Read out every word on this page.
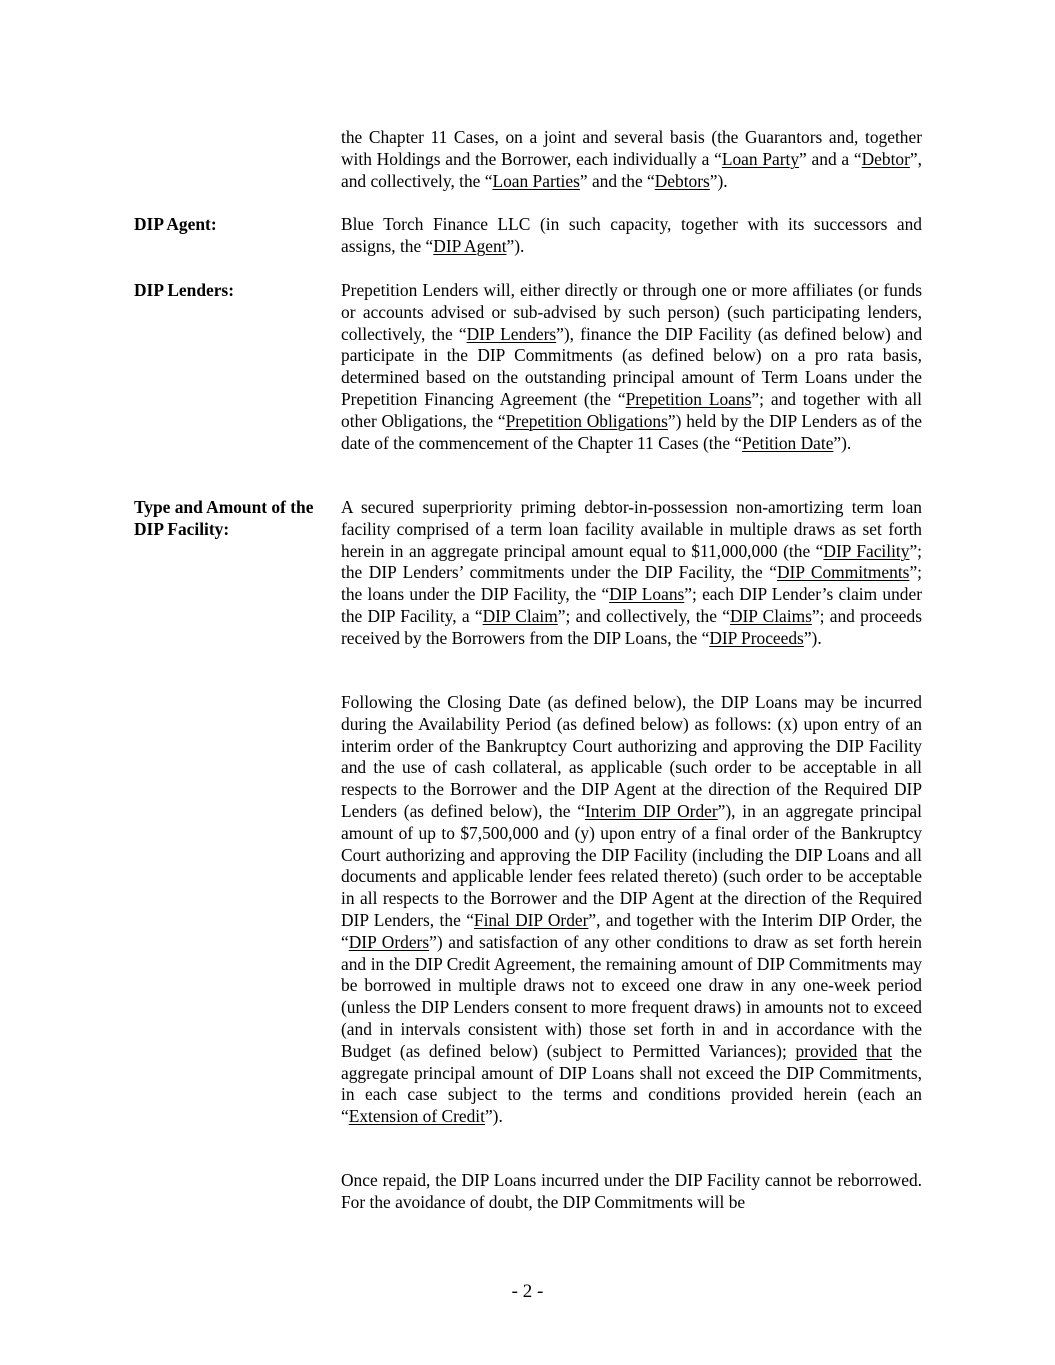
the Chapter 11 Cases, on a joint and several basis (the Guarantors and, together with Holdings and the Borrower, each individually a “Loan Party” and a “Debtor”, and collectively, the “Loan Parties” and the “Debtors”).
DIP Agent:	Blue Torch Finance LLC (in such capacity, together with its successors and assigns, the “DIP Agent”).
DIP Lenders:	Prepetition Lenders will, either directly or through one or more affiliates (or funds or accounts advised or sub-advised by such person) (such participating lenders, collectively, the “DIP Lenders”), finance the DIP Facility (as defined below) and participate in the DIP Commitments (as defined below) on a pro rata basis, determined based on the outstanding principal amount of Term Loans under the Prepetition Financing Agreement (the “Prepetition Loans”; and together with all other Obligations, the “Prepetition Obligations”) held by the DIP Lenders as of the date of the commencement of the Chapter 11 Cases (the “Petition Date”).
Type and Amount of the DIP Facility:
A secured superpriority priming debtor-in-possession non-amortizing term loan facility comprised of a term loan facility available in multiple draws as set forth herein in an aggregate principal amount equal to $11,000,000 (the “DIP Facility”; the DIP Lenders’ commitments under the DIP Facility, the “DIP Commitments”; the loans under the DIP Facility, the “DIP Loans”; each DIP Lender’s claim under the DIP Facility, a “DIP Claim”; and collectively, the “DIP Claims”; and proceeds received by the Borrowers from the DIP Loans, the “DIP Proceeds”).
Following the Closing Date (as defined below), the DIP Loans may be incurred during the Availability Period (as defined below) as follows: (x) upon entry of an interim order of the Bankruptcy Court authorizing and approving the DIP Facility and the use of cash collateral, as applicable (such order to be acceptable in all respects to the Borrower and the DIP Agent at the direction of the Required DIP Lenders (as defined below), the “Interim DIP Order”), in an aggregate principal amount of up to $7,500,000 and (y) upon entry of a final order of the Bankruptcy Court authorizing and approving the DIP Facility (including the DIP Loans and all documents and applicable lender fees related thereto) (such order to be acceptable in all respects to the Borrower and the DIP Agent at the direction of the Required DIP Lenders, the “Final DIP Order”, and together with the Interim DIP Order, the “DIP Orders”) and satisfaction of any other conditions to draw as set forth herein and in the DIP Credit Agreement, the remaining amount of DIP Commitments may be borrowed in multiple draws not to exceed one draw in any one-week period (unless the DIP Lenders consent to more frequent draws) in amounts not to exceed (and in intervals consistent with) those set forth in and in accordance with the Budget (as defined below) (subject to Permitted Variances); provided that the aggregate principal amount of DIP Loans shall not exceed the DIP Commitments, in each case subject to the terms and conditions provided herein (each an “Extension of Credit”).
Once repaid, the DIP Loans incurred under the DIP Facility cannot be reborrowed. For the avoidance of doubt, the DIP Commitments will be
- 2 -
